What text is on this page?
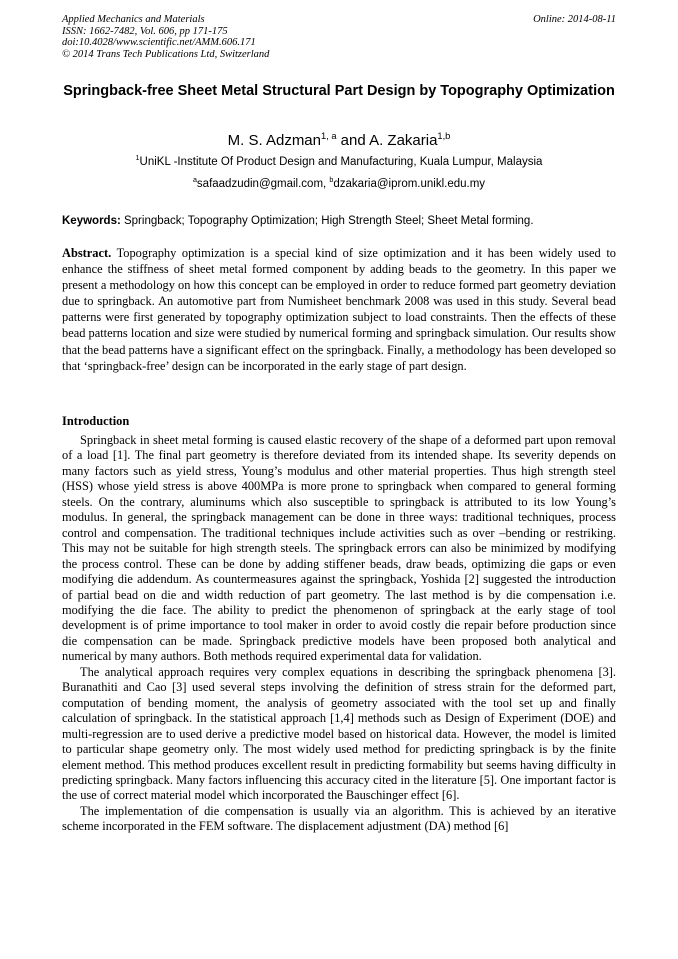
Applied Mechanics and Materials
ISSN: 1662-7482, Vol. 606, pp 171-175
doi:10.4028/www.scientific.net/AMM.606.171
© 2014 Trans Tech Publications Ltd, Switzerland
Online: 2014-08-11
Springback-free Sheet Metal Structural Part Design by Topography Optimization
M. S. Adzman$^{1, a}$ and A. Zakaria$^{1,b}$
$^1$UniKL -Institute Of Product Design and Manufacturing, Kuala Lumpur, Malaysia
$^a$safaadzudin@gmail.com, $^b$dzakaria@iprom.unikl.edu.my
Keywords: Springback; Topography Optimization; High Strength Steel; Sheet Metal forming.
Abstract. Topography optimization is a special kind of size optimization and it has been widely used to enhance the stiffness of sheet metal formed component by adding beads to the geometry. In this paper we present a methodology on how this concept can be employed in order to reduce formed part geometry deviation due to springback. An automotive part from Numisheet benchmark 2008 was used in this study. Several bead patterns were first generated by topography optimization subject to load constraints. Then the effects of these bead patterns location and size were studied by numerical forming and springback simulation. Our results show that the bead patterns have a significant effect on the springback. Finally, a methodology has been developed so that ‘springback-free’ design can be incorporated in the early stage of part design.
Introduction

Springback in sheet metal forming is caused elastic recovery of the shape of a deformed part upon removal of a load [1]. The final part geometry is therefore deviated from its intended shape. Its severity depends on many factors such as yield stress, Young’s modulus and other material properties. Thus high strength steel (HSS) whose yield stress is above 400MPa is more prone to springback when compared to general forming steels. On the contrary, aluminums which also susceptible to springback is attributed to its low Young’s modulus. In general, the springback management can be done in three ways: traditional techniques, process control and compensation. The traditional techniques include activities such as over –bending or restriking. This may not be suitable for high strength steels. The springback errors can also be minimized by modifying the process control. These can be done by adding stiffener beads, draw beads, optimizing die gaps or even modifying die addendum. As countermeasures against the springback, Yoshida [2] suggested the introduction of partial bead on die and width reduction of part geometry. The last method is by die compensation i.e. modifying the die face. The ability to predict the phenomenon of springback at the early stage of tool development is of prime importance to tool maker in order to avoid costly die repair before production since die compensation can be made. Springback predictive models have been proposed both analytical and numerical by many authors. Both methods required experimental data for validation.

The analytical approach requires very complex equations in describing the springback phenomena [3]. Buranathiti and Cao [3] used several steps involving the definition of stress strain for the deformed part, computation of bending moment, the analysis of geometry associated with the tool set up and finally calculation of springback. In the statistical approach [1,4] methods such as Design of Experiment (DOE) and multi-regression are to used derive a predictive model based on historical data. However, the model is limited to particular shape geometry only. The most widely used method for predicting springback is by the finite element method. This method produces excellent result in predicting formability but seems having difficulty in predicting springback. Many factors influencing this accuracy cited in the literature [5]. One important factor is the use of correct material model which incorporated the Bauschinger effect [6].

The implementation of die compensation is usually via an algorithm. This is achieved by an iterative scheme incorporated in the FEM software. The displacement adjustment (DA) method [6]
